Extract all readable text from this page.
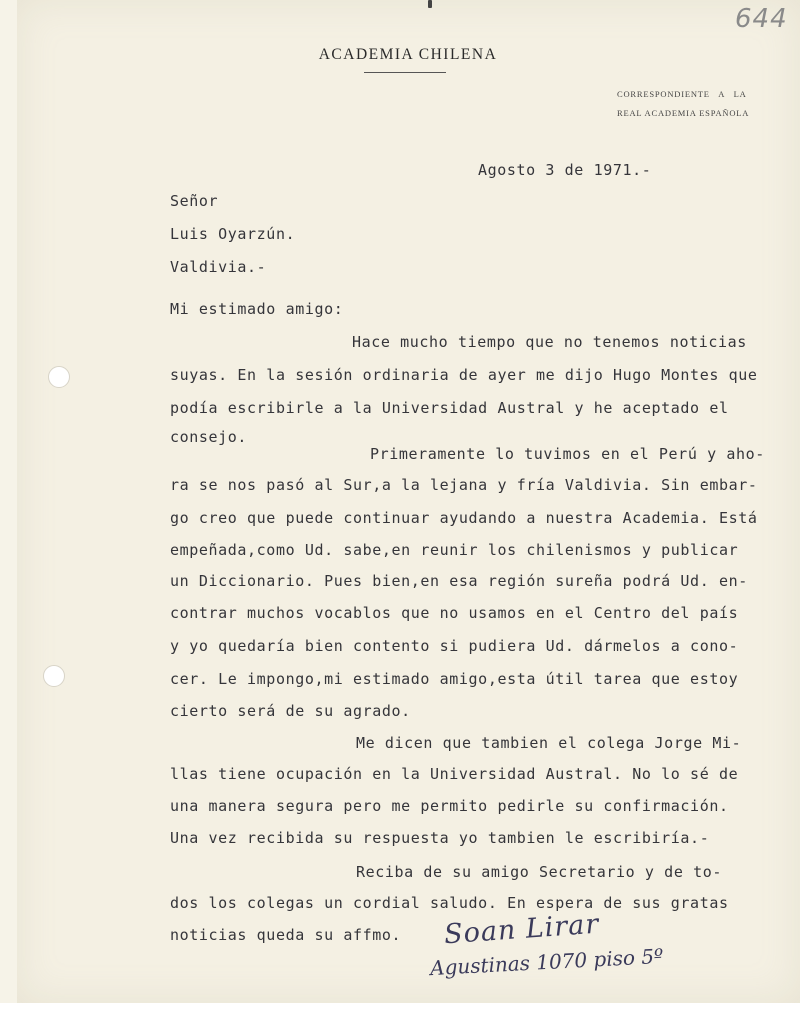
644
ACADEMIA CHILENA
CORRESPONDIENTE A LA
REAL ACADEMIA ESPAÑOLA
Agosto 3 de 1971.-
Señor
Luis Oyarzún.
Valdivia.-
Mi estimado amigo:
Hace mucho tiempo que no tenemos noticias
suyas. En la sesión ordinaria de ayer me dijo Hugo Montes que
podía escribirle a la Universidad Austral y he aceptado el
consejo.
Primeramente lo tuvimos en el Perú y aho-
ra se nos pasó al Sur,a la lejana y fría Valdivia. Sin embar-
go creo que puede continuar ayudando a nuestra Academia. Está
empeñada,como Ud. sabe,en reunir los chilenismos y publicar
un Diccionario. Pues bien,en esa región sureña podrá Ud. en-
contrar muchos vocablos que no usamos en el Centro del país
y yo quedaría bien contento si pudiera Ud. dármelos a cono-
cer. Le impongo,mi estimado amigo,esta útil tarea que estoy
cierto será de su agrado.
Me dicen que tambien el colega Jorge Mi-
llas tiene ocupación en la Universidad Austral. No lo sé de
una manera segura pero me permito pedirle su confirmación.
Una vez recibida su respuesta yo tambien le escribiría.-
Reciba de su amigo Secretario y de to-
dos los colegas un cordial saludo. En espera de sus gratas
noticias queda su affmo. Soan Lirar
Agustinas 1070 piso 5º
